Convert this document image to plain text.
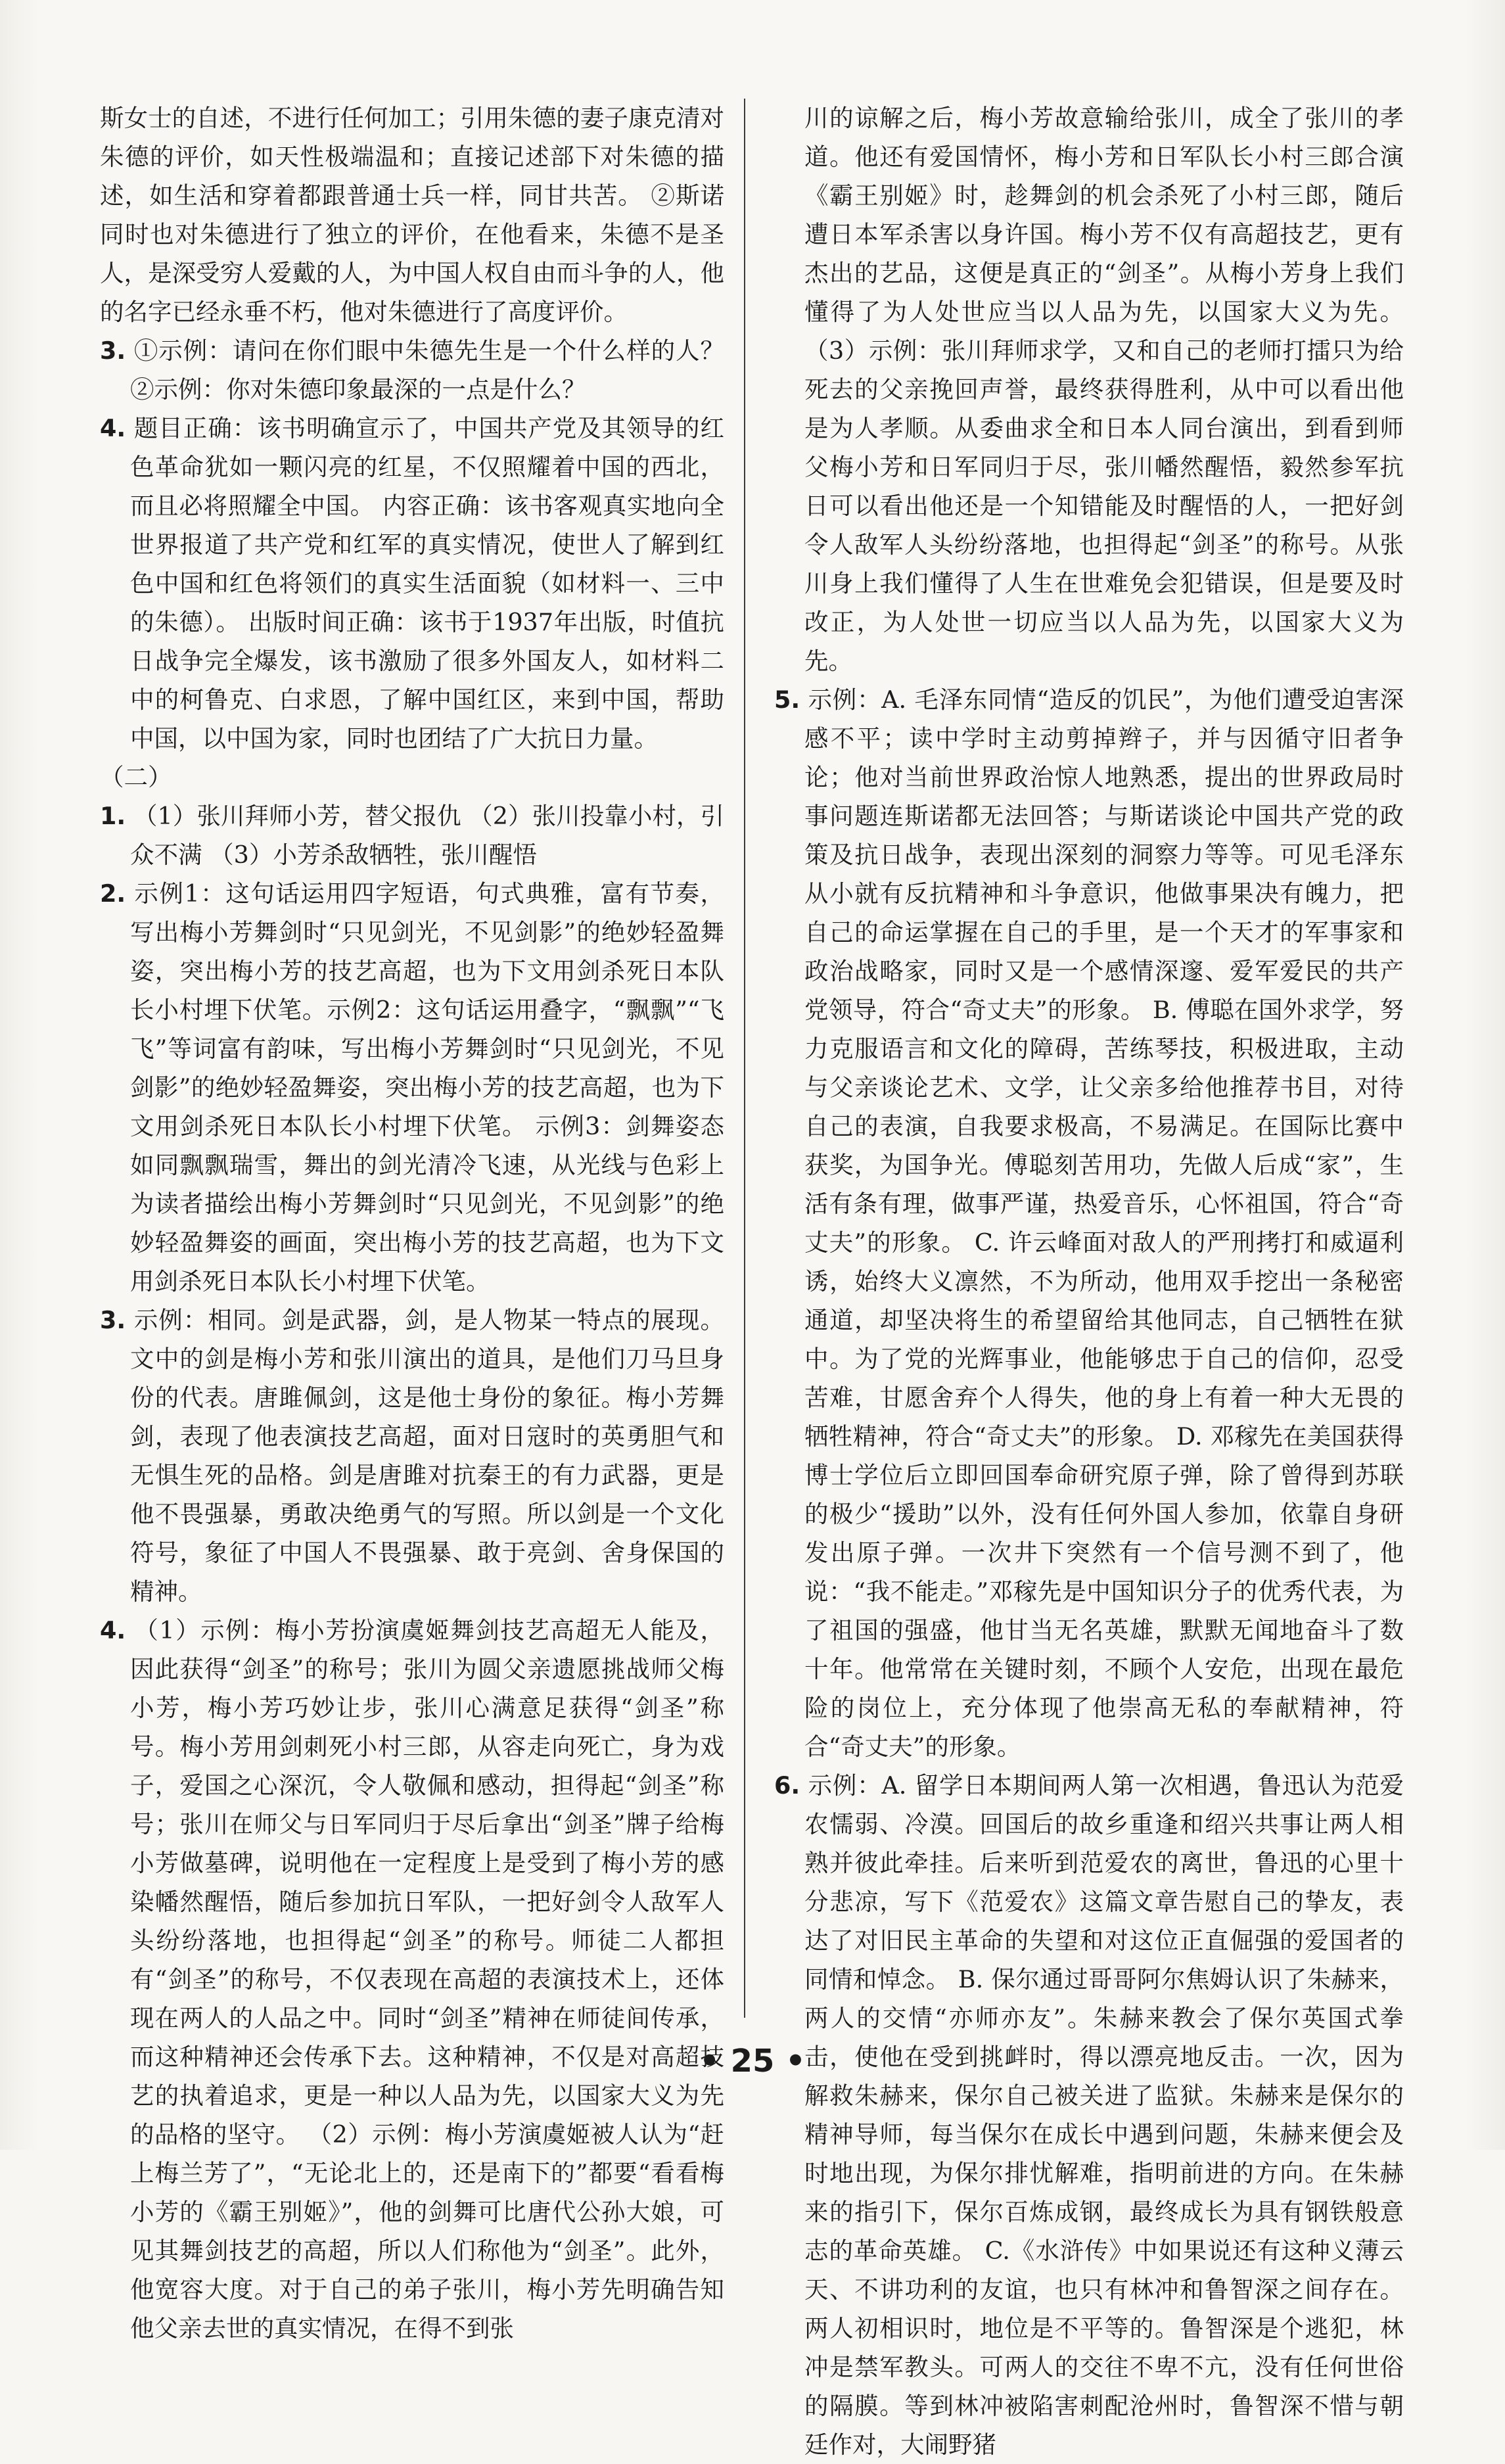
斯女士的自述，不进行任何加工；引用朱德的妻子康克清对朱德的评价，如天性极端温和；直接记述部下对朱德的描述，如生活和穿着都跟普通士兵一样，同甘共苦。 ②斯诺同时也对朱德进行了独立的评价，在他看来，朱德不是圣人，是深受穷人爱戴的人，为中国人权自由而斗争的人，他的名字已经永垂不朽，他对朱德进行了高度评价。

3. ①示例：请问在你们眼中朱德先生是一个什么样的人？ ②示例：你对朱德印象最深的一点是什么？

4. 题目正确：该书明确宣示了，中国共产党及其领导的红色革命犹如一颗闪亮的红星，不仅照耀着中国的西北，而且必将照耀全中国。 内容正确：该书客观真实地向全世界报道了共产党和红军的真实情况，使世人了解到红色中国和红色将领们的真实生活面貌（如材料一、三中的朱德）。 出版时间正确：该书于1937年出版，时值抗日战争完全爆发，该书激励了很多外国友人，如材料二中的柯鲁克、白求恩，了解中国红区，来到中国，帮助中国，以中国为家，同时也团结了广大抗日力量。

（二）

1. （1）张川拜师小芳，替父报仇 （2）张川投靠小村，引众不满 （3）小芳杀敌牺牲，张川醒悟

2. 示例1：这句话运用四字短语，句式典雅，富有节奏，写出梅小芳舞剑时“只见剑光，不见剑影”的绝妙轻盈舞姿，突出梅小芳的技艺高超，也为下文用剑杀死日本队长小村埋下伏笔。示例2：这句话运用叠字，“飘飘”“飞飞”等词富有韵味，写出梅小芳舞剑时“只见剑光，不见剑影”的绝妙轻盈舞姿，突出梅小芳的技艺高超，也为下文用剑杀死日本队长小村埋下伏笔。 示例3：剑舞姿态如同飘飘瑞雪，舞出的剑光清冷飞速，从光线与色彩上为读者描绘出梅小芳舞剑时“只见剑光，不见剑影”的绝妙轻盈舞姿的画面，突出梅小芳的技艺高超，也为下文用剑杀死日本队长小村埋下伏笔。

3. 示例：相同。剑是武器，剑，是人物某一特点的展现。文中的剑是梅小芳和张川演出的道具，是他们刀马旦身份的代表。唐雎佩剑，这是他士身份的象征。梅小芳舞剑，表现了他表演技艺高超，面对日寇时的英勇胆气和无惧生死的品格。剑是唐雎对抗秦王的有力武器，更是他不畏强暴，勇敢决绝勇气的写照。所以剑是一个文化符号，象征了中国人不畏强暴、敢于亮剑、舍身保国的精神。

4. （1）示例：梅小芳扮演虞姬舞剑技艺高超无人能及，因此获得“剑圣”的称号；张川为圆父亲遗愿挑战师父梅小芳，梅小芳巧妙让步，张川心满意足获得“剑圣”称号。梅小芳用剑刺死小村三郎，从容走向死亡，身为戏子，爱国之心深沉，令人敬佩和感动，担得起“剑圣”称号；张川在师父与日军同归于尽后拿出“剑圣”牌子给梅小芳做墓碑，说明他在一定程度上是受到了梅小芳的感染幡然醒悟，随后参加抗日军队，一把好剑令人敌军人头纷纷落地，也担得起“剑圣”的称号。师徒二人都担有“剑圣”的称号，不仅表现在高超的表演技术上，还体现在两人的人品之中。同时“剑圣”精神在师徒间传承，而这种精神还会传承下去。这种精神，不仅是对高超技艺的执着追求，更是一种以人品为先，以国家大义为先的品格的坚守。 （2）示例：梅小芳演虞姬被人认为“赶上梅兰芳了”，“无论北上的，还是南下的”都要“看看梅小芳的《霸王别姬》”，他的剑舞可比唐代公孙大娘，可见其舞剑技艺的高超，所以人们称他为“剑圣”。此外，他宽容大度。对于自己的弟子张川，梅小芳先明确告知他父亲去世的真实情况，在得不到张

川的谅解之后，梅小芳故意输给张川，成全了张川的孝道。他还有爱国情怀，梅小芳和日军队长小村三郎合演《霸王别姬》时，趁舞剑的机会杀死了小村三郎，随后遭日本军杀害以身许国。梅小芳不仅有高超技艺，更有杰出的艺品，这便是真正的“剑圣”。从梅小芳身上我们懂得了为人处世应当以人品为先，以国家大义为先。 （3）示例：张川拜师求学，又和自己的老师打擂只为给死去的父亲挽回声誉，最终获得胜利，从中可以看出他是为人孝顺。从委曲求全和日本人同台演出，到看到师父梅小芳和日军同归于尽，张川幡然醒悟，毅然参军抗日可以看出他还是一个知错能及时醒悟的人，一把好剑令人敌军人头纷纷落地，也担得起“剑圣”的称号。从张川身上我们懂得了人生在世难免会犯错误，但是要及时改正，为人处世一切应当以人品为先，以国家大义为先。

5. 示例：A. 毛泽东同情“造反的饥民”，为他们遭受迫害深感不平；读中学时主动剪掉辫子，并与因循守旧者争论；他对当前世界政治惊人地熟悉，提出的世界政局时事问题连斯诺都无法回答；与斯诺谈论中国共产党的政策及抗日战争，表现出深刻的洞察力等等。可见毛泽东从小就有反抗精神和斗争意识，他做事果决有魄力，把自己的命运掌握在自己的手里，是一个天才的军事家和政治战略家，同时又是一个感情深邃、爱军爱民的共产党领导，符合“奇丈夫”的形象。 B. 傅聪在国外求学，努力克服语言和文化的障碍，苦练琴技，积极进取，主动与父亲谈论艺术、文学，让父亲多给他推荐书目，对待自己的表演，自我要求极高，不易满足。在国际比赛中获奖，为国争光。傅聪刻苦用功，先做人后成“家”，生活有条有理，做事严谨，热爱音乐，心怀祖国，符合“奇丈夫”的形象。 C. 许云峰面对敌人的严刑拷打和威逼利诱，始终大义凛然，不为所动，他用双手挖出一条秘密通道，却坚决将生的希望留给其他同志，自己牺牲在狱中。为了党的光辉事业，他能够忠于自己的信仰，忍受苦难，甘愿舍弃个人得失，他的身上有着一种大无畏的牺牲精神，符合“奇丈夫”的形象。 D. 邓稼先在美国获得博士学位后立即回国奉命研究原子弹，除了曾得到苏联的极少“援助”以外，没有任何外国人参加，依靠自身研发出原子弹。一次井下突然有一个信号测不到了，他说：“我不能走。”邓稼先是中国知识分子的优秀代表，为了祖国的强盛，他甘当无名英雄，默默无闻地奋斗了数十年。他常常在关键时刻，不顾个人安危，出现在最危险的岗位上，充分体现了他崇高无私的奉献精神，符合“奇丈夫”的形象。

6. 示例：A. 留学日本期间两人第一次相遇，鲁迅认为范爱农懦弱、冷漠。回国后的故乡重逢和绍兴共事让两人相熟并彼此牵挂。后来听到范爱农的离世，鲁迅的心里十分悲凉，写下《范爱农》这篇文章告慰自己的挚友，表达了对旧民主革命的失望和对这位正直倔强的爱国者的同情和悼念。 B. 保尔通过哥哥阿尔焦姆认识了朱赫来，两人的交情“亦师亦友”。朱赫来教会了保尔英国式拳击，使他在受到挑衅时，得以漂亮地反击。一次，因为解救朱赫来，保尔自己被关进了监狱。朱赫来是保尔的精神导师，每当保尔在成长中遇到问题，朱赫来便会及时地出现，为保尔排忧解难，指明前进的方向。在朱赫来的指引下，保尔百炼成钢，最终成长为具有钢铁般意志的革命英雄。 C.《水浒传》中如果说还有这种义薄云天、不讲功利的友谊，也只有林冲和鲁智深之间存在。两人初相识时，地位是不平等的。鲁智深是个逃犯，林冲是禁军教头。可两人的交往不卑不亢，没有任何世俗的隔膜。等到林冲被陷害刺配沧州时，鲁智深不惜与朝廷作对，大闹野猪

• 25 •
